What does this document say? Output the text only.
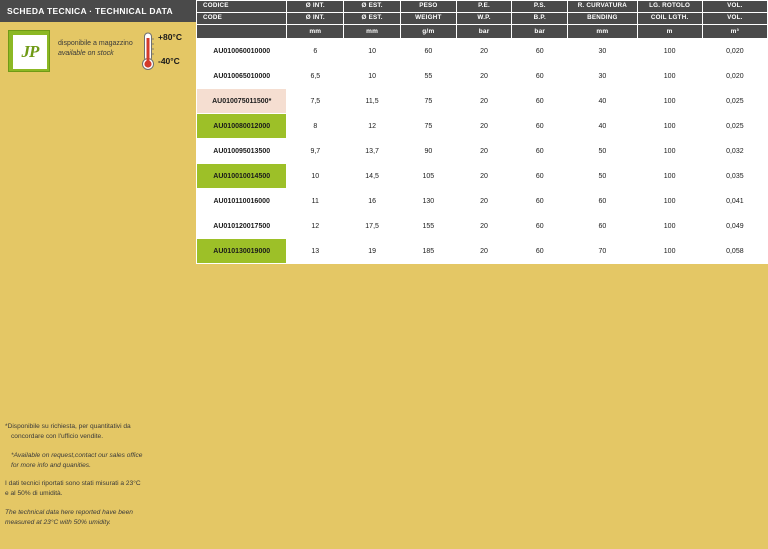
SCHEDA TECNICA · TECHNICAL DATA
JP	disponibile a magazzino
available on stock
+80°C
-40°C

*Disponibile su richiesta, per quantitativi da
concordare con l'ufficio vendite.

*Available on request,contact our sales office
for more info and quanities.

I dati tecnici riportati sono stati misurati a 23°C
e al 50% di umidità.

The technical data here reported have been
measured at 23°C with 50% umidity.

CODICE	Ø INT.	Ø EST.	PESO	P.E.	P.S.	R. CURVATURA	LG. ROTOLO	VOL.
CODE	Ø INT.	Ø EST.	WEIGHT	W.P.	B.P.	BENDING	COIL LGTH.	VOL.
	mm	mm	g/m	bar	bar	mm	m	m³
AU010060010000	6	10	60	20	60	30	100	0,020
AU010065010000	6,5	10	55	20	60	30	100	0,020
AU010075011500*	7,5	11,5	75	20	60	40	100	0,025
AU010080012000	8	12	75	20	60	40	100	0,025
AU010095013500	9,7	13,7	90	20	60	50	100	0,032
AU010010014500	10	14,5	105	20	60	50	100	0,035
AU010110016000	11	16	130	20	60	60	100	0,041
AU010120017500	12	17,5	155	20	60	60	100	0,049
AU010130019000	13	19	185	20	60	70	100	0,058
